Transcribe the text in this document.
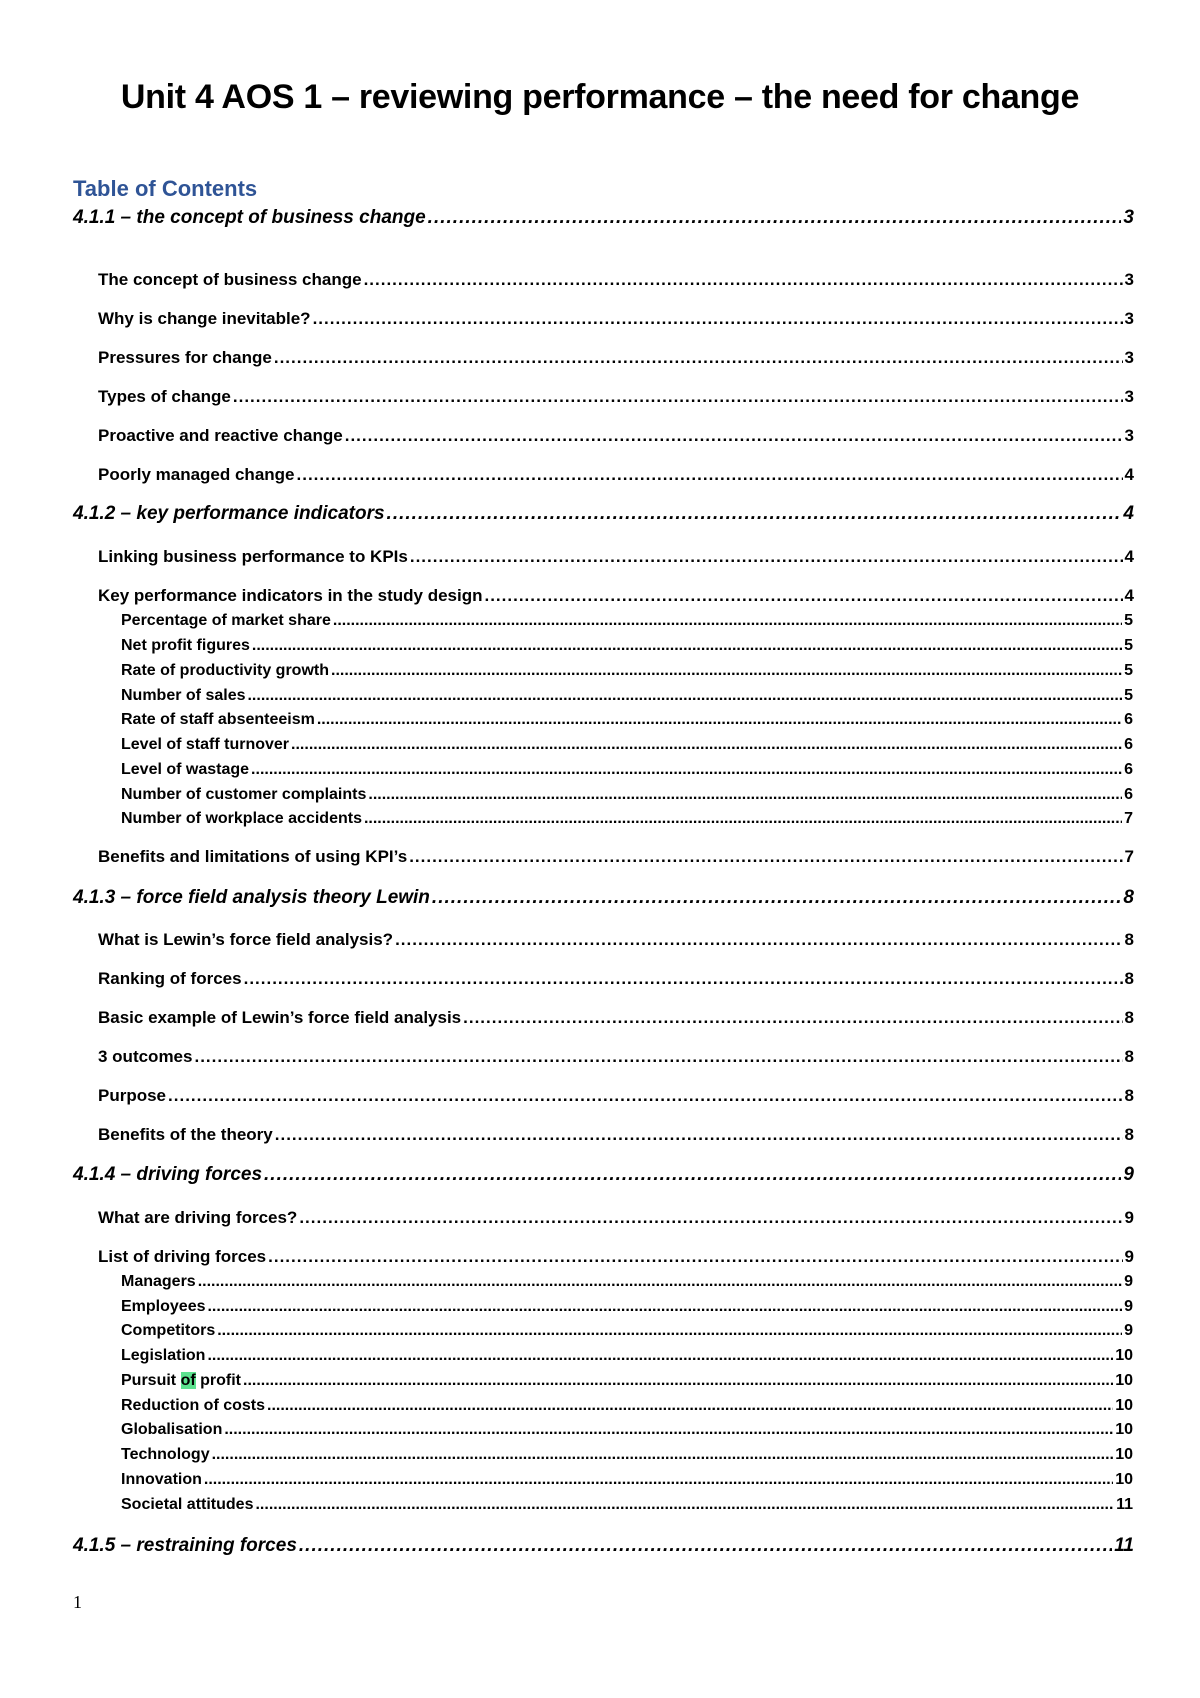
Unit 4 AOS 1 – reviewing performance – the need for change
Table of Contents
4.1.1 – the concept of business change .....	3
The concept of business change .....	3
Why is change inevitable? .....	3
Pressures for change .....	3
Types of change .....	3
Proactive and reactive change .....	3
Poorly managed change .....	4
4.1.2 – key performance indicators .....	4
Linking business performance to KPIs .....	4
Key performance indicators in the study design .....	4
Percentage of market share .....	5
Net profit figures .....	5
Rate of productivity growth .....	5
Number of sales .....	5
Rate of staff absenteeism .....	6
Level of staff turnover .....	6
Level of wastage .....	6
Number of customer complaints .....	6
Number of workplace accidents .....	7
Benefits and limitations of using KPI’s .....	7
4.1.3 – force field analysis theory Lewin .....	8
What is Lewin’s force field analysis? .....	8
Ranking of forces .....	8
Basic example of Lewin’s force field analysis .....	8
3 outcomes .....	8
Purpose .....	8
Benefits of the theory .....	8
4.1.4 – driving forces .....	9
What are driving forces? .....	9
List of driving forces .....	9
Managers .....	9
Employees .....	9
Competitors .....	9
Legislation .....	10
Pursuit of profit .....	10
Reduction of costs .....	10
Globalisation .....	10
Technology .....	10
Innovation .....	10
Societal attitudes .....	11
4.1.5 – restraining forces .....	11
1
